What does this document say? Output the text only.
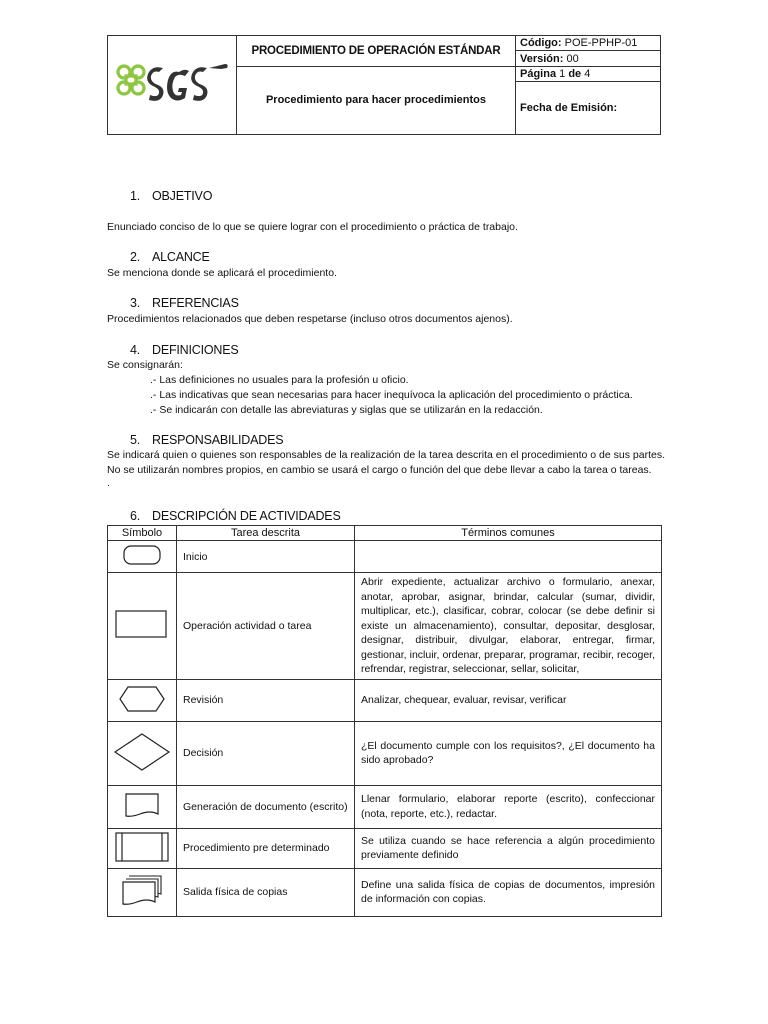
	PROCEDIMIENTO DE OPERACIÓN ESTÁNDAR	Código: POE-PPHP-01
		Versión: 00
	Procedimiento para hacer procedimientos	Página 1 de 4
		Fecha de Emisión:
1. OBJETIVO
Enunciado conciso de lo que se quiere lograr con el procedimiento o práctica de trabajo.
2. ALCANCE
Se menciona donde se aplicará el procedimiento.
3. REFERENCIAS
Procedimientos relacionados que deben respetarse (incluso otros documentos ajenos).
4. DEFINICIONES
Se consignarán:
.- Las definiciones no usuales para la profesión u oficio.
.- Las indicativas que sean necesarias para hacer inequívoca la aplicación del procedimiento o práctica.
.- Se indicarán con detalle las abreviaturas y siglas que se utilizarán en la redacción.
5. RESPONSABILIDADES
Se indicará quien o quienes son responsables de la realización de la tarea descrita en el procedimiento o de sus partes.
No se utilizarán nombres propios, en cambio se usará el cargo o función del que debe llevar a cabo la tarea o tareas.
.
6. DESCRIPCIÓN DE ACTIVIDADES
Símbolo	Tarea descrita	Términos comunes
	Inicio	
	Operación actividad o tarea	Abrir expediente, actualizar archivo o formulario, anexar, anotar, aprobar, asignar, brindar, calcular (sumar, dividir, multiplicar, etc.), clasificar, cobrar, colocar (se debe definir si existe un almacenamiento), consultar, depositar, desglosar, designar, distribuir, divulgar, elaborar, entregar, firmar, gestionar, incluir, ordenar, preparar, programar, recibir, recoger, refrendar, registrar, seleccionar, sellar, solicitar,
	Revisión	Analizar, chequear, evaluar, revisar, verificar
	Decisión	¿El documento cumple con los requisitos?, ¿El documento ha sido aprobado?
	Generación de documento (escrito)	Llenar formulario, elaborar reporte (escrito), confeccionar (nota, reporte, etc.), redactar.
	Procedimiento pre determinado	Se utiliza cuando se hace referencia a algún procedimiento previamente definido
	Salida física de copias	Define una salida física de copias de documentos, impresión de información con copias.
